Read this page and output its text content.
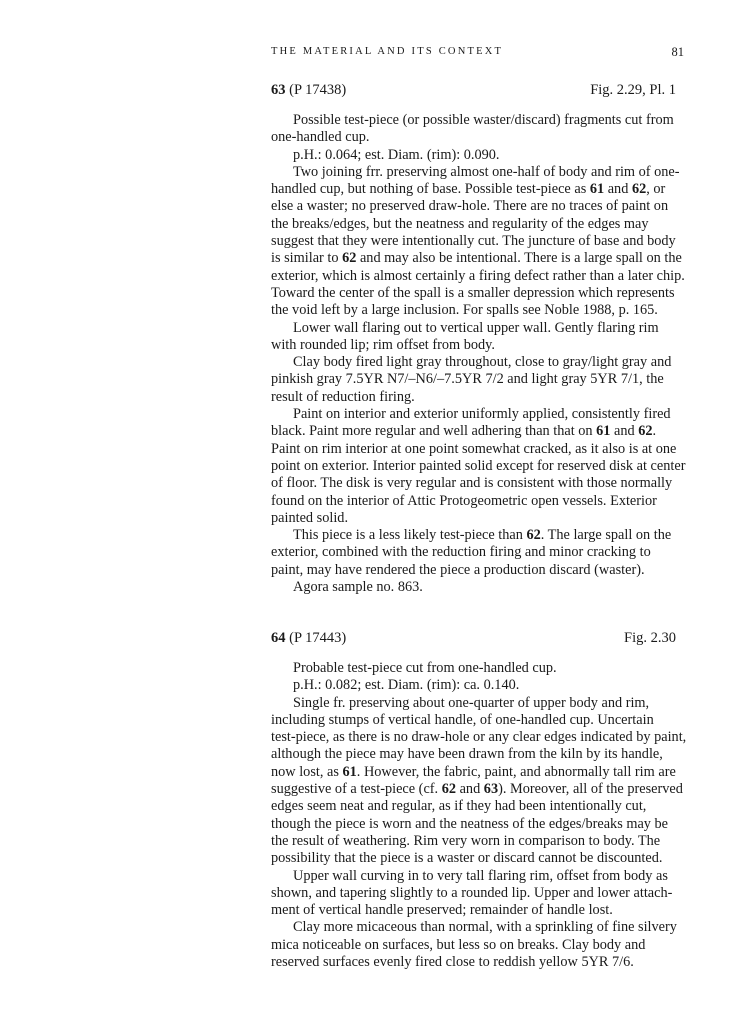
THE MATERIAL AND ITS CONTEXT	81
63 (P 17438)	Fig. 2.29, Pl. 1
Possible test-piece (or possible waster/discard) fragments cut from
one-handled cup.
p.H.: 0.064; est. Diam. (rim): 0.090.
Two joining frr. preserving almost one-half of body and rim of one-
handled cup, but nothing of base. Possible test-piece as 61 and 62, or
else a waster; no preserved draw-hole. There are no traces of paint on
the breaks/edges, but the neatness and regularity of the edges may
suggest that they were intentionally cut. The juncture of base and body
is similar to 62 and may also be intentional. There is a large spall on the
exterior, which is almost certainly a firing defect rather than a later chip.
Toward the center of the spall is a smaller depression which represents
the void left by a large inclusion. For spalls see Noble 1988, p. 165.
Lower wall flaring out to vertical upper wall. Gently flaring rim
with rounded lip; rim offset from body.
Clay body fired light gray throughout, close to gray/light gray and
pinkish gray 7.5YR N7/–N6/–7.5YR 7/2 and light gray 5YR 7/1, the
result of reduction firing.
Paint on interior and exterior uniformly applied, consistently fired
black. Paint more regular and well adhering than that on 61 and 62.
Paint on rim interior at one point somewhat cracked, as it also is at one
point on exterior. Interior painted solid except for reserved disk at center
of floor. The disk is very regular and is consistent with those normally
found on the interior of Attic Protogeometric open vessels. Exterior
painted solid.
This piece is a less likely test-piece than 62. The large spall on the
exterior, combined with the reduction firing and minor cracking to
paint, may have rendered the piece a production discard (waster).
Agora sample no. 863.
64 (P 17443)	Fig. 2.30
Probable test-piece cut from one-handled cup.
p.H.: 0.082; est. Diam. (rim): ca. 0.140.
Single fr. preserving about one-quarter of upper body and rim,
including stumps of vertical handle, of one-handled cup. Uncertain
test-piece, as there is no draw-hole or any clear edges indicated by paint,
although the piece may have been drawn from the kiln by its handle,
now lost, as 61. However, the fabric, paint, and abnormally tall rim are
suggestive of a test-piece (cf. 62 and 63). Moreover, all of the preserved
edges seem neat and regular, as if they had been intentionally cut,
though the piece is worn and the neatness of the edges/breaks may be
the result of weathering. Rim very worn in comparison to body. The
possibility that the piece is a waster or discard cannot be discounted.
Upper wall curving in to very tall flaring rim, offset from body as
shown, and tapering slightly to a rounded lip. Upper and lower attach-
ment of vertical handle preserved; remainder of handle lost.
Clay more micaceous than normal, with a sprinkling of fine silvery
mica noticeable on surfaces, but less so on breaks. Clay body and
reserved surfaces evenly fired close to reddish yellow 5YR 7/6.
